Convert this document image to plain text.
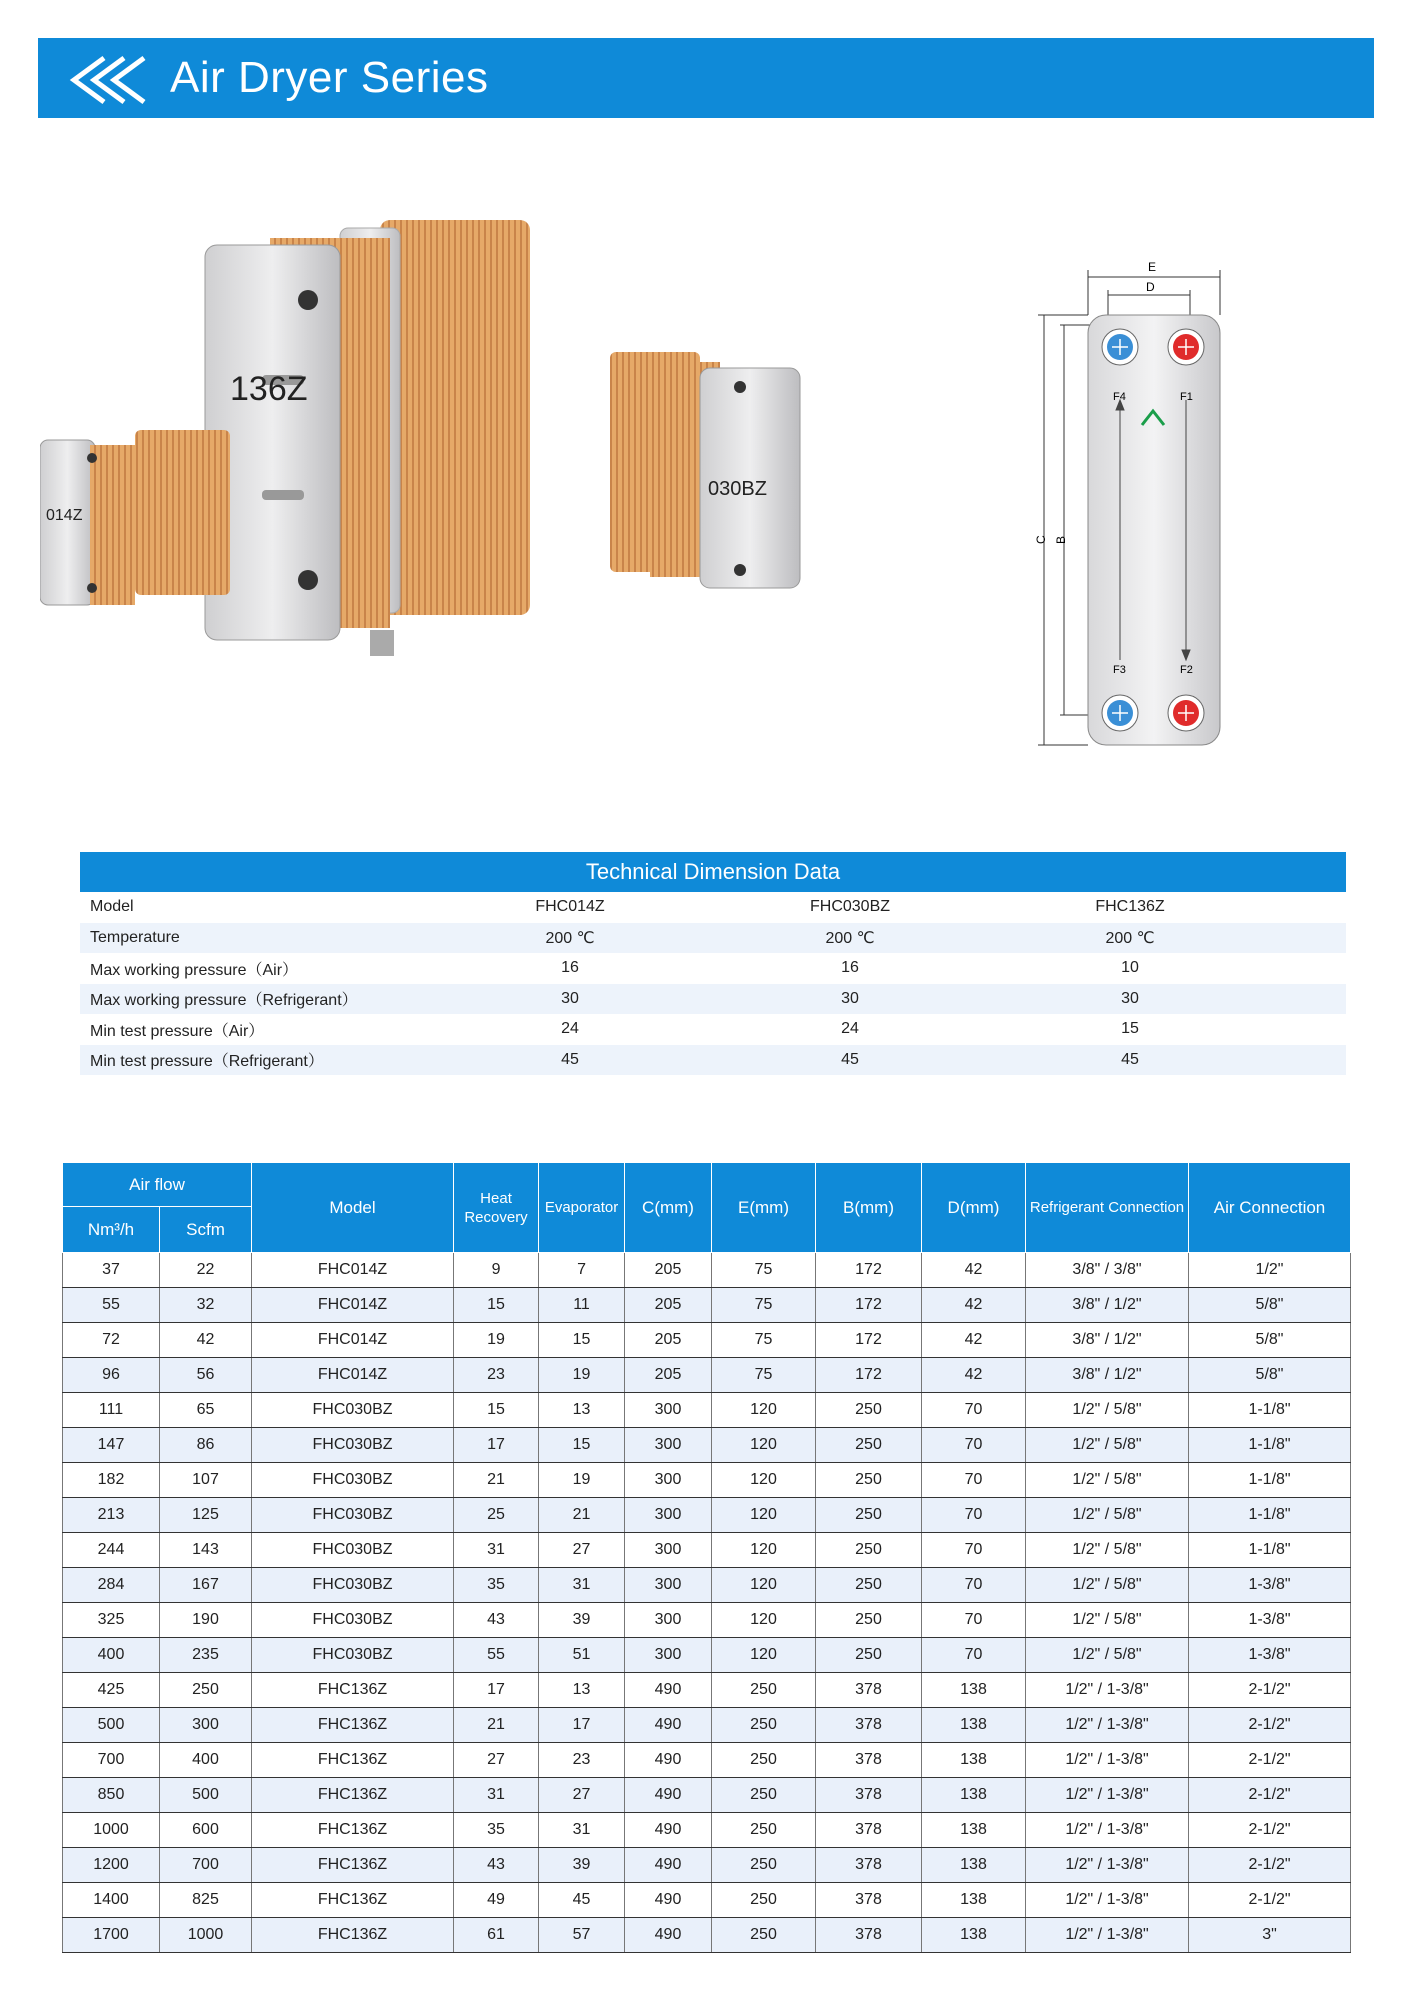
Air Dryer Series
136Z
014Z
030BZ
E
D
C B
F4	F1
F3	F2
Technical Dimension Data
Model	FHC014Z	FHC030BZ	FHC136Z
Temperature	200 ℃	200 ℃	200 ℃
Max working pressure（Air）	16	16	10
Max working pressure（Refrigerant）	30	30	30
Min test pressure（Air）	24	24	15
Min test pressure（Refrigerant）	45	45	45
Air flow		Model	Heat Recovery	Evaporator	C(mm)	E(mm)	B(mm)	D(mm)	Refrigerant Connection	Air Connection
Nm³/h	Scfm									
37	22	FHC014Z	9	7	205	75	172	42	3/8" / 3/8"	1/2"
55	32	FHC014Z	15	11	205	75	172	42	3/8" / 1/2"	5/8"
72	42	FHC014Z	19	15	205	75	172	42	3/8" / 1/2"	5/8"
96	56	FHC014Z	23	19	205	75	172	42	3/8" / 1/2"	5/8"
111	65	FHC030BZ	15	13	300	120	250	70	1/2" / 5/8"	1-1/8"
147	86	FHC030BZ	17	15	300	120	250	70	1/2" / 5/8"	1-1/8"
182	107	FHC030BZ	21	19	300	120	250	70	1/2" / 5/8"	1-1/8"
213	125	FHC030BZ	25	21	300	120	250	70	1/2" / 5/8"	1-1/8"
244	143	FHC030BZ	31	27	300	120	250	70	1/2" / 5/8"	1-1/8"
284	167	FHC030BZ	35	31	300	120	250	70	1/2" / 5/8"	1-3/8"
325	190	FHC030BZ	43	39	300	120	250	70	1/2" / 5/8"	1-3/8"
400	235	FHC030BZ	55	51	300	120	250	70	1/2" / 5/8"	1-3/8"
425	250	FHC136Z	17	13	490	250	378	138	1/2" / 1-3/8"	2-1/2"
500	300	FHC136Z	21	17	490	250	378	138	1/2" / 1-3/8"	2-1/2"
700	400	FHC136Z	27	23	490	250	378	138	1/2" / 1-3/8"	2-1/2"
850	500	FHC136Z	31	27	490	250	378	138	1/2" / 1-3/8"	2-1/2"
1000	600	FHC136Z	35	31	490	250	378	138	1/2" / 1-3/8"	2-1/2"
1200	700	FHC136Z	43	39	490	250	378	138	1/2" / 1-3/8"	2-1/2"
1400	825	FHC136Z	49	45	490	250	378	138	1/2" / 1-3/8"	2-1/2"
1700	1000	FHC136Z	61	57	490	250	378	138	1/2" / 1-3/8"	3"
